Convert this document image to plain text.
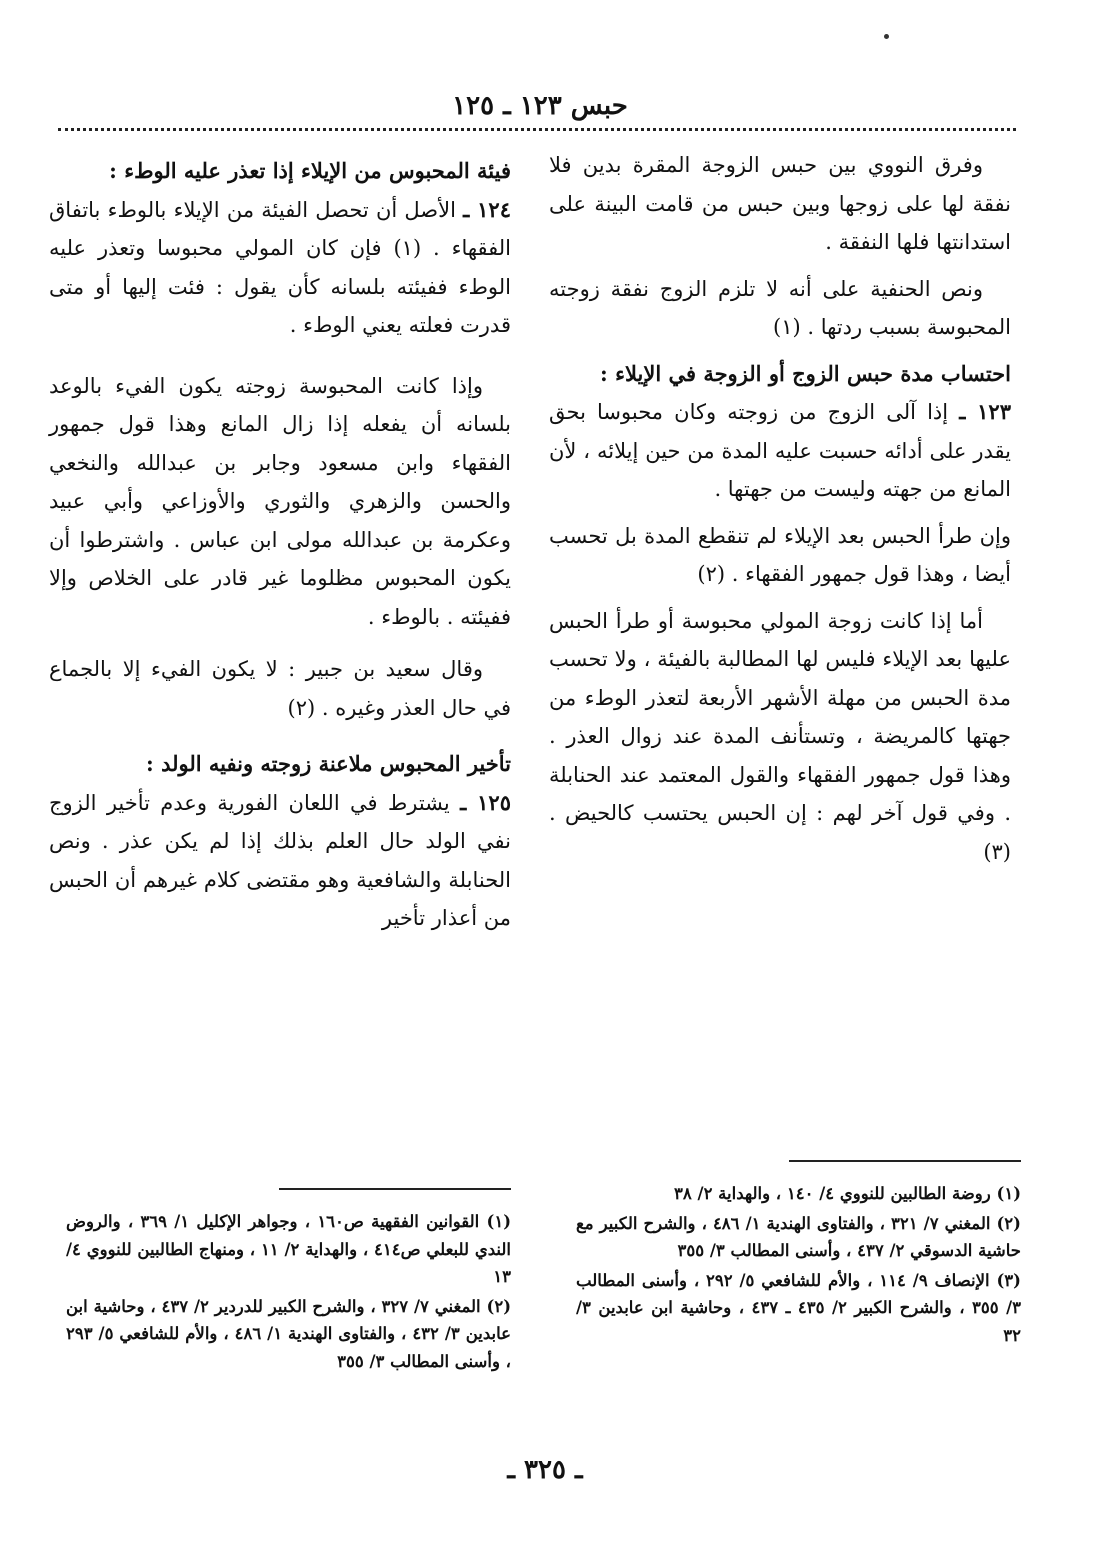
حبس ١٢٣ ـ ١٢٥

وفرق النووي بين حبس الزوجة المقرة بدين فلا نفقة لها على زوجها وبين حبس من قامت البينة على استدانتها فلها النفقة .

ونص الحنفية على أنه لا تلزم الزوج نفقة زوجته المحبوسة بسبب ردتها . (١)

احتساب مدة حبس الزوج أو الزوجة في الإيلاء :

١٢٣ ـ إذا آلى الزوج من زوجته وكان محبوسا بحق يقدر على أدائه حسبت عليه المدة من حين إيلائه ، لأن المانع من جهته وليست من جهتها .

وإن طرأ الحبس بعد الإيلاء لم تنقطع المدة بل تحسب أيضا ، وهذا قول جمهور الفقهاء . (٢)

أما إذا كانت زوجة المولي محبوسة أو طرأ الحبس عليها بعد الإيلاء فليس لها المطالبة بالفيئة ، ولا تحسب مدة الحبس من مهلة الأشهر الأربعة لتعذر الوطء من جهتها كالمريضة ، وتستأنف المدة عند زوال العذر . وهذا قول جمهور الفقهاء والقول المعتمد عند الحنابلة . وفي قول آخر لهم : إن الحبس يحتسب كالحيض . (٣)

فيئة المحبوس من الإيلاء إذا تعذر عليه الوطء :

١٢٤ ـ الأصل أن تحصل الفيئة من الإيلاء بالوطء باتفاق الفقهاء . (١) فإن كان المولي محبوسا وتعذر عليه الوطء ففيئته بلسانه كأن يقول : فئت إليها أو متى قدرت فعلته يعني الوطء .

وإذا كانت المحبوسة زوجته يكون الفيء بالوعد بلسانه أن يفعله إذا زال المانع وهذا قول جمهور الفقهاء وابن مسعود وجابر بن عبدالله والنخعي والحسن والزهري والثوري والأوزاعي وأبي عبيد وعكرمة بن عبدالله مولى ابن عباس . واشترطوا أن يكون المحبوس مظلوما غير قادر على الخلاص وإلا ففيئته . بالوطء .

وقال سعيد بن جبير : لا يكون الفيء إلا بالجماع في حال العذر وغيره . (٢)

تأخير المحبوس ملاعنة زوجته ونفيه الولد :

١٢٥ ـ يشترط في اللعان الفورية وعدم تأخير الزوج نفي الولد حال العلم بذلك إذا لم يكن عذر . ونص الحنابلة والشافعية وهو مقتضى كلام غيرهم أن الحبس من أعذار تأخير

(١) روضة الطالبين للنووي ٤/ ١٤٠ ، والهداية ٢/ ٣٨

(٢) المغني ٧/ ٣٢١ ، والفتاوى الهندية ١/ ٤٨٦ ، والشرح الكبير مع حاشية الدسوقي ٢/ ٤٣٧ ، وأسنى المطالب ٣/ ٣٥٥

(٣) الإنصاف ٩/ ١١٤ ، والأم للشافعي ٥/ ٢٩٢ ، وأسنى المطالب ٣/ ٣٥٥ ، والشرح الكبير ٢/ ٤٣٥ ـ ٤٣٧ ، وحاشية ابن عابدين ٣/ ٣٢

(١) القوانين الفقهية ص١٦٠ ، وجواهر الإكليل ١/ ٣٦٩ ، والروض الندي للبعلي ص٤١٤ ، والهداية ٢/ ١١ ، ومنهاج الطالبين للنووي ٤/ ١٣

(٢) المغني ٧/ ٣٢٧ ، والشرح الكبير للدردير ٢/ ٤٣٧ ، وحاشية ابن عابدين ٣/ ٤٣٢ ، والفتاوى الهندية ١/ ٤٨٦ ، والأم للشافعي ٥/ ٢٩٣ ، وأسنى المطالب ٣/ ٣٥٥

ـ ٣٢٥ ـ
